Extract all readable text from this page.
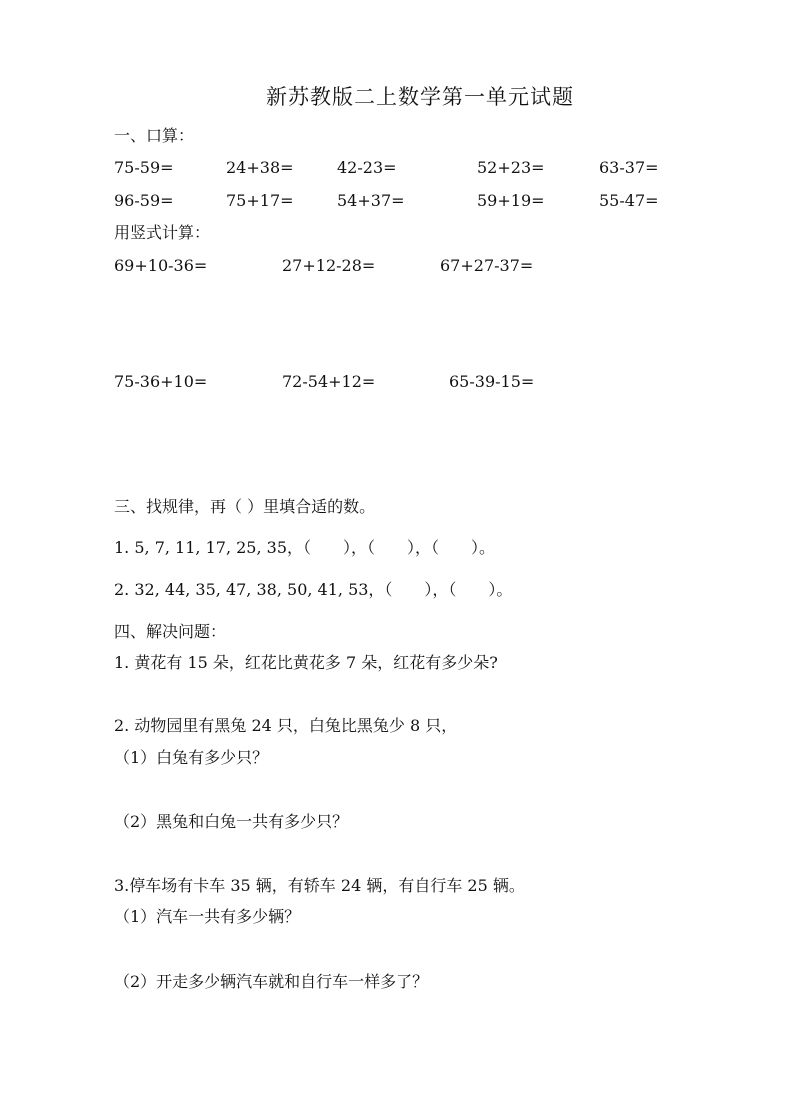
新苏教版二上数学第一单元试题
一、口算：
75-59=	24+38=	42-23=	52+23=	63-37=
96-59=	75+17=	54+37=	59+19=	55-47=
用竖式计算：
69+10-36=	27+12-28=	67+27-37=
75-36+10=	72-54+12=	65-39-15=
三、找规律，再（ ）里填合适的数。
1. 5, 7, 11, 17, 25, 35，（　　），（　　），（　　）。
2. 32, 44, 35, 47, 38, 50, 41, 53，（　　），（　　）。
四、解决问题：
1. 黄花有 15 朵，红花比黄花多 7 朵，红花有多少朵?
2. 动物园里有黑兔 24 只，白兔比黑兔少 8 只，
（1）白兔有多少只？
（2）黑兔和白兔一共有多少只？
3.停车场有卡车 35 辆，有轿车 24 辆，有自行车 25 辆。
（1）汽车一共有多少辆？
（2）开走多少辆汽车就和自行车一样多了？
